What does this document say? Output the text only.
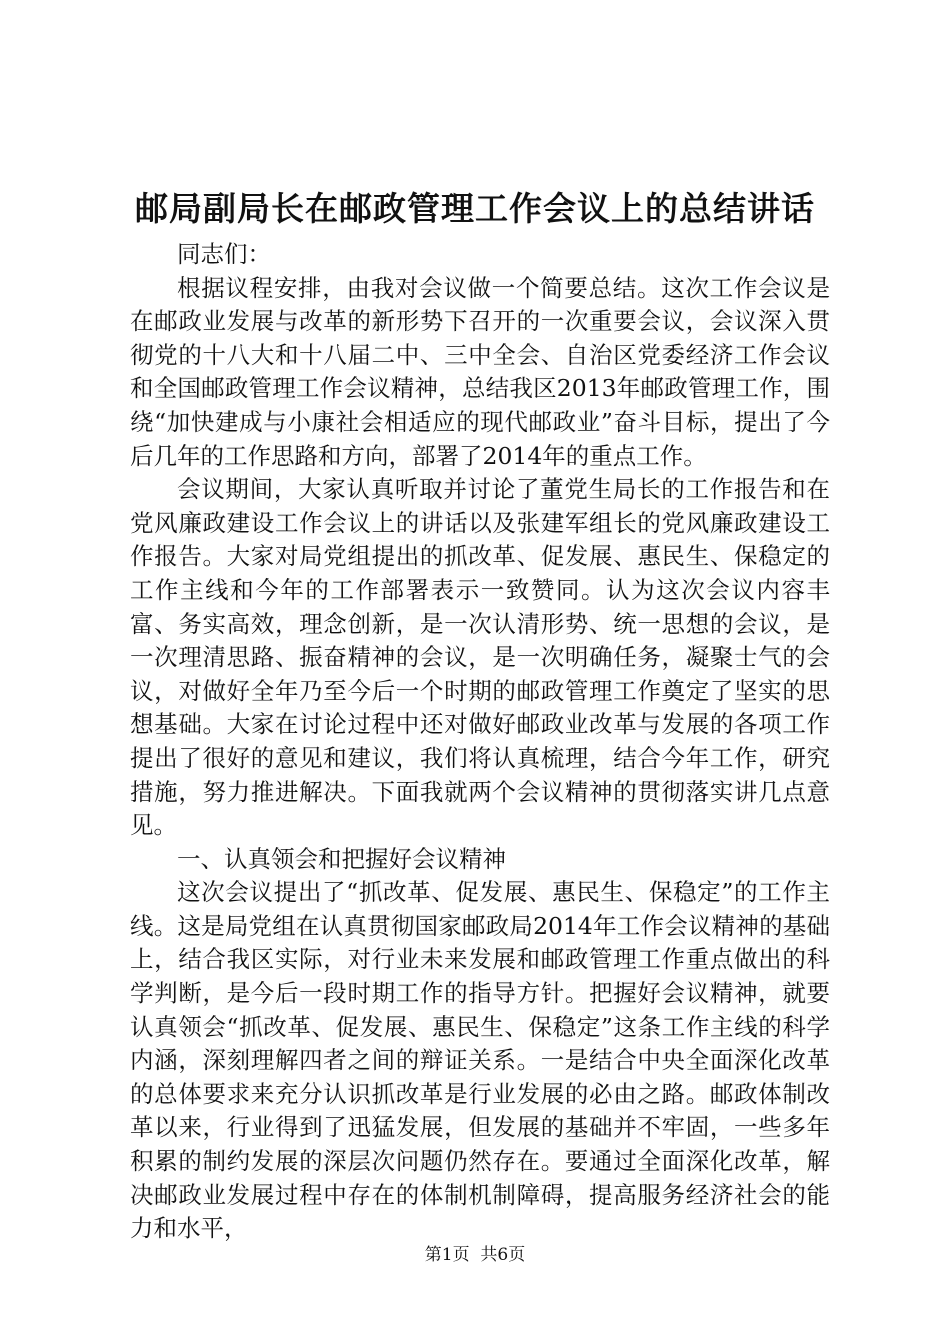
邮局副局长在邮政管理工作会议上的总结讲话

同志们：

根据议程安排，由我对会议做一个简要总结。这次工作会议是在邮政业发展与改革的新形势下召开的一次重要会议，会议深入贯彻党的十八大和十八届二中、三中全会、自治区党委经济工作会议和全国邮政管理工作会议精神，总结我区2013年邮政管理工作，围绕“加快建成与小康社会相适应的现代邮政业”奋斗目标，提出了今后几年的工作思路和方向，部署了2014年的重点工作。

会议期间，大家认真听取并讨论了董党生局长的工作报告和在党风廉政建设工作会议上的讲话以及张建军组长的党风廉政建设工作报告。大家对局党组提出的抓改革、促发展、惠民生、保稳定的工作主线和今年的工作部署表示一致赞同。认为这次会议内容丰富、务实高效，理念创新，是一次认清形势、统一思想的会议，是一次理清思路、振奋精神的会议，是一次明确任务，凝聚士气的会议，对做好全年乃至今后一个时期的邮政管理工作奠定了坚实的思想基础。大家在讨论过程中还对做好邮政业改革与发展的各项工作提出了很好的意见和建议，我们将认真梳理，结合今年工作，研究措施，努力推进解决。下面我就两个会议精神的贯彻落实讲几点意见。

一、认真领会和把握好会议精神

这次会议提出了“抓改革、促发展、惠民生、保稳定”的工作主线。这是局党组在认真贯彻国家邮政局2014年工作会议精神的基础上，结合我区实际，对行业未来发展和邮政管理工作重点做出的科学判断，是今后一段时期工作的指导方针。把握好会议精神，就要认真领会“抓改革、促发展、惠民生、保稳定”这条工作主线的科学内涵，深刻理解四者之间的辩证关系。一是结合中央全面深化改革的总体要求来充分认识抓改革是行业发展的必由之路。邮政体制改革以来，行业得到了迅猛发展，但发展的基础并不牢固，一些多年积累的制约发展的深层次问题仍然存在。要通过全面深化改革，解决邮政业发展过程中存在的体制机制障碍，提高服务经济社会的能力和水平，

第1页  共6页
